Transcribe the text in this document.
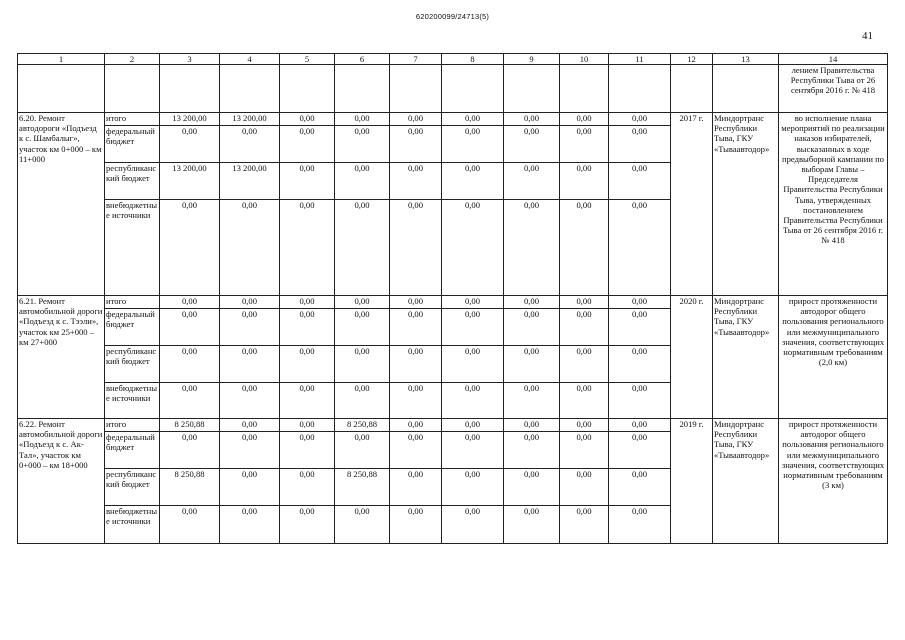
620200099/24713(5)
41
1	2	3	4	5	6	7	8	9	10	11	12	13	14
													лением Правительства Республики Тыва от 26 сентября 2016 г. № 418
6.20. Ремонт автодороги «Подъезд к с. Шамбалыг», участок км 0+000 – км 11+000	итого	13 200,00	13 200,00	0,00	0,00	0,00	0,00	0,00	0,00	0,00	2017 г.	Миндортранс Республики Тыва, ГКУ «Тываавтодор»	во исполнение плана мероприятий по реализации наказов избирателей, высказанных в ходе предвыборной кампании по выборам Главы – Председателя Правительства Республики Тыва, утвержденных постановлением Правительства Республики Тыва от 26 сентября 2016 г. № 418
	федеральный бюджет	0,00	0,00	0,00	0,00	0,00	0,00	0,00	0,00	0,00			
	республиканский бюджет	13 200,00	13 200,00	0,00	0,00	0,00	0,00	0,00	0,00	0,00			
	внебюджетные источники	0,00	0,00	0,00	0,00	0,00	0,00	0,00	0,00	0,00			
6.21. Ремонт автомобильной дороги «Подъезд к с. Тээли», участок км 25+000 – км 27+000	итого	0,00	0,00	0,00	0,00	0,00	0,00	0,00	0,00	0,00	2020 г.	Миндортранс Республики Тыва, ГКУ «Тываавтодор»	прирост протяженности автодорог общего пользования регионального или межмуниципального значения, соответствующих нормативным требованиям (2,0 км)
	федеральный бюджет	0,00	0,00	0,00	0,00	0,00	0,00	0,00	0,00	0,00			
	республиканский бюджет	0,00	0,00	0,00	0,00	0,00	0,00	0,00	0,00	0,00			
	внебюджетные источники	0,00	0,00	0,00	0,00	0,00	0,00	0,00	0,00	0,00			
6.22. Ремонт автомобильной дороги «Подъезд к с. Ак-Тал», участок км 0+000 – км 18+000	итого	8 250,88	0,00	0,00	8 250,88	0,00	0,00	0,00	0,00	0,00	2019 г.	Миндортранс Республики Тыва, ГКУ «Тываавтодор»	прирост протяженности автодорог общего пользования регионального или межмуниципального значения, соответствующих нормативным требованиям (3 км)
	федеральный бюджет	0,00	0,00	0,00	0,00	0,00	0,00	0,00	0,00	0,00			
	республиканский бюджет	8 250,88	0,00	0,00	8 250,88	0,00	0,00	0,00	0,00	0,00			
	внебюджетные источники	0,00	0,00	0,00	0,00	0,00	0,00	0,00	0,00	0,00			
